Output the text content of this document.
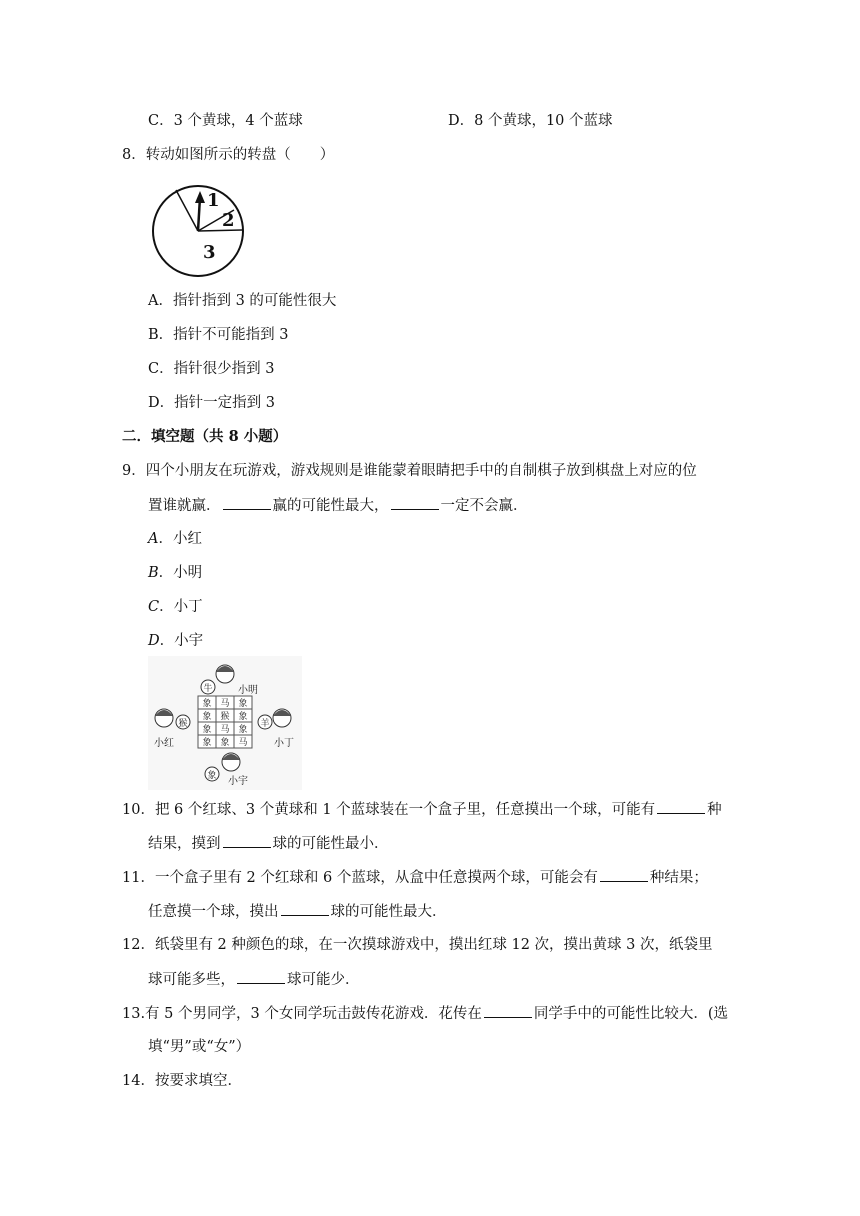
C．3 个黄球，4 个蓝球	D．8 个黄球，10 个蓝球
8．转动如图所示的转盘（　　）
1
2
3
A．指针指到 3 的可能性很大
B．指针不可能指到 3
C．指针很少指到 3
D．指针一定指到 3
二．填空题（共 8 小题）
9．四个小朋友在玩游戏，游戏规则是谁能蒙着眼睛把手中的自制棋子放到棋盘上对应的位
置谁就赢．	赢的可能性最大，	一定不会赢．
A．小红
B．小明
C．小丁
D．小宇
牛	小明
象 马 象
象 猴 象
象 马 象
象 象 马
猴
小红
羊
小丁
象 小宇
10．把 6 个红球、3 个黄球和 1 个蓝球装在一个盒子里，任意摸出一个球，可能有	种
结果，摸到	球的可能性最小．
11．一个盒子里有 2 个红球和 6 个蓝球，从盒中任意摸两个球，可能会有	种结果；
任意摸一个球，摸出	球的可能性最大．
12．纸袋里有 2 种颜色的球，在一次摸球游戏中，摸出红球 12 次，摸出黄球 3 次，纸袋里
球可能多些，	球可能少．
13.有 5 个男同学，3 个女同学玩击鼓传花游戏．花传在	同学手中的可能性比较大．(选
填“男”或“女”）
14．按要求填空．
